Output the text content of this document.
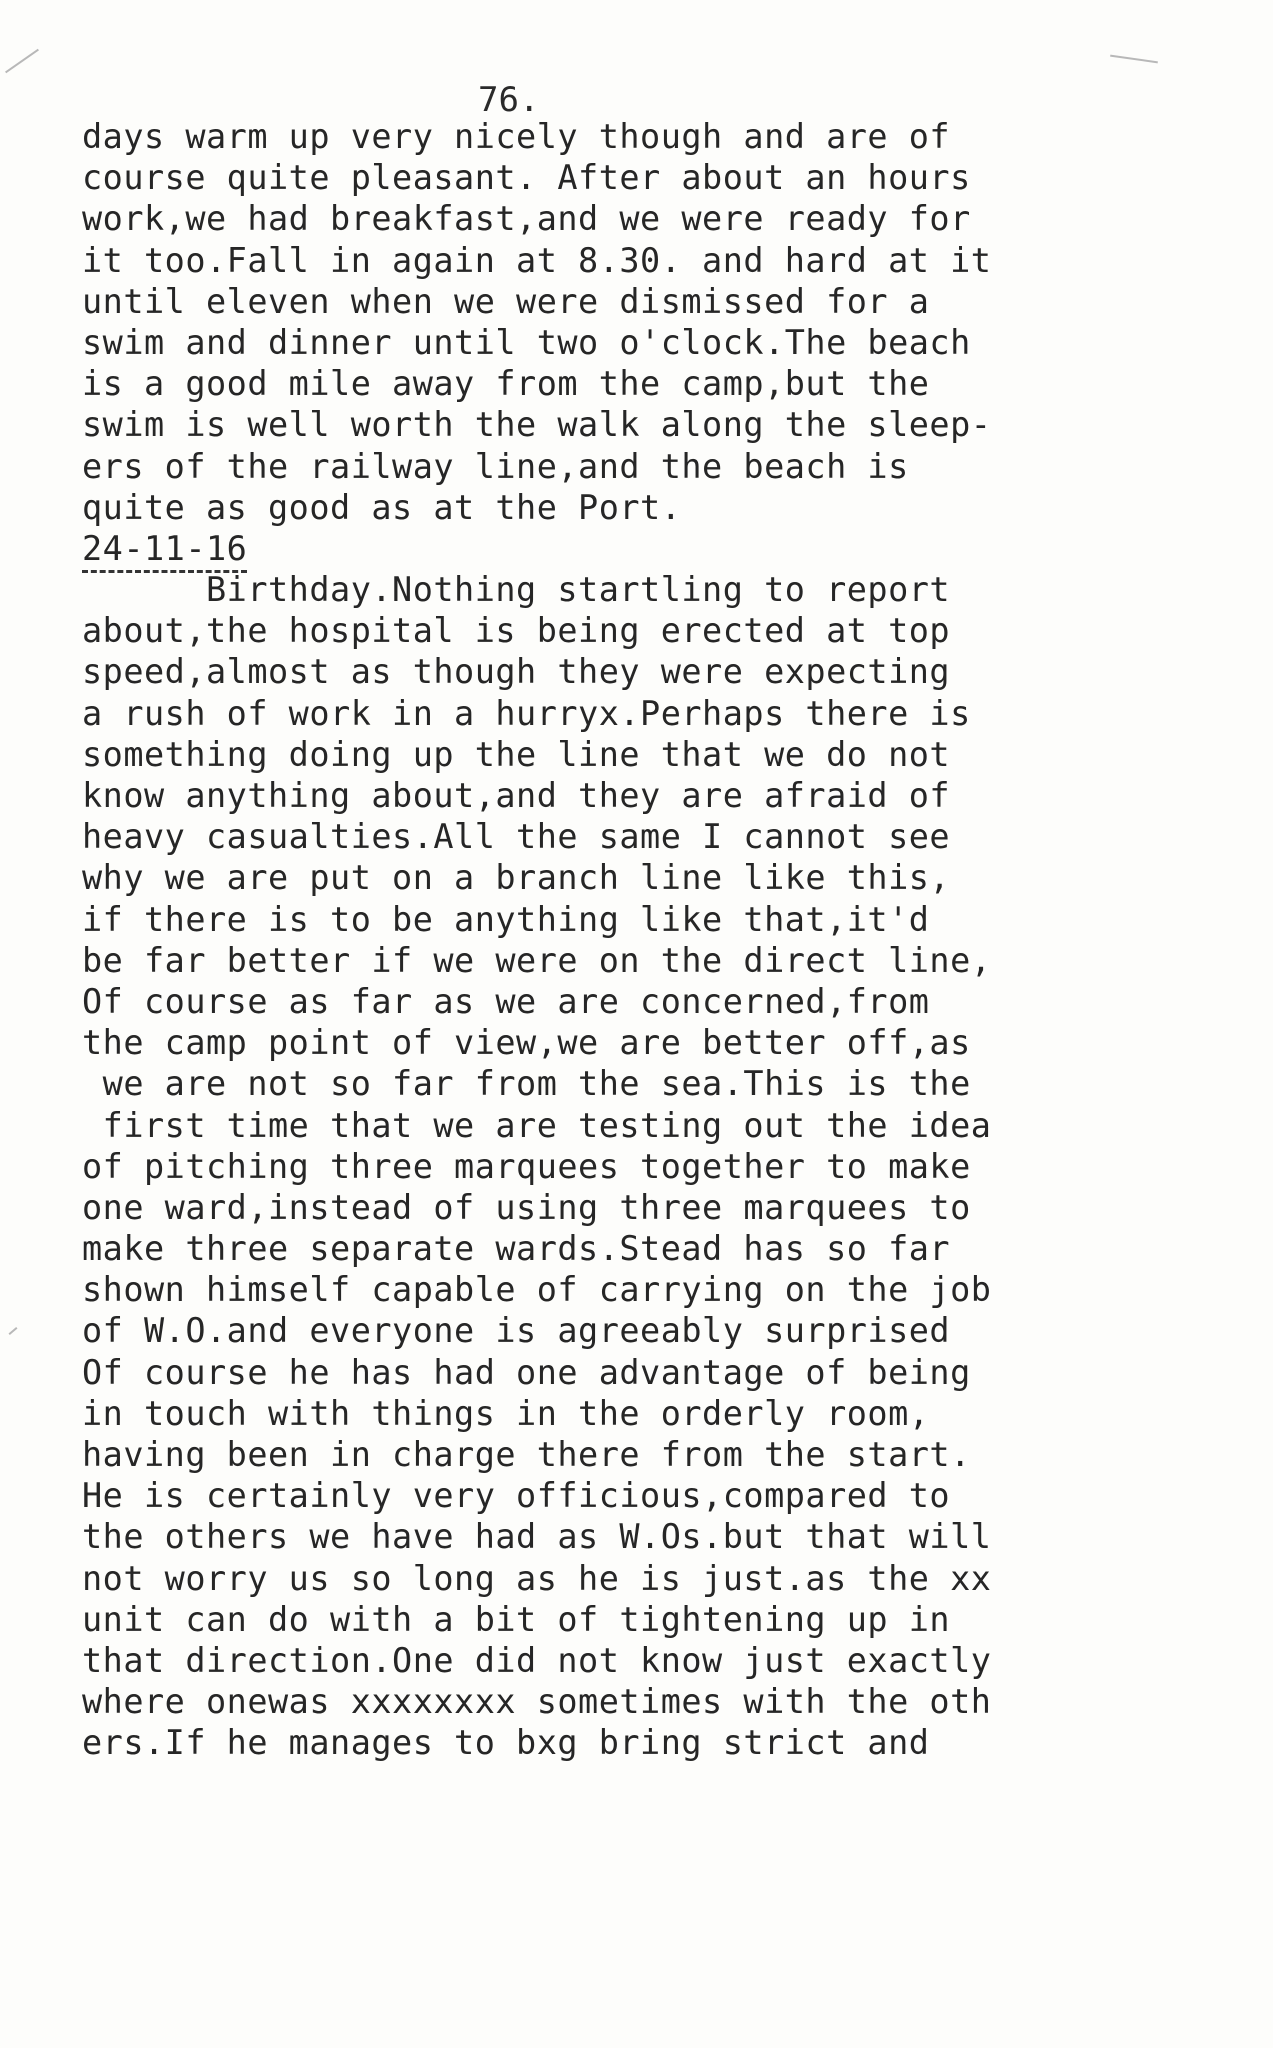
76.

days warm up very nicely though and are of
course quite pleasant. After about an hours
work,we had breakfast,and we were ready for
it too.Fall in again at 8.30. and hard at it
until eleven when we were dismissed for a
swim and dinner until two o'clock.The beach
is a good mile away from the camp,but the
swim is well worth the walk along the sleep-
ers of the railway line,and the beach is
quite as good as at the Port.
24-11-16
Birthday.Nothing startling to report
about,the hospital is being erected at top
speed,almost as though they were expecting
a rush of work in a hurryx.Perhaps there is
something doing up the line that we do not
know anything about,and they are afraid of
heavy casualties.All the same I cannot see
why we are put on a branch line like this,
if there is to be anything like that,it'd
be far better if we were on the direct line,
Of course as far as we are concerned,from
the camp point of view,we are better off,as
we are not so far from the sea.This is the
first time that we are testing out the idea
of pitching three marquees together to make
one ward,instead of using three marquees to
make three separate wards.Stead has so far
shown himself capable of carrying on the job
of W.O.and everyone is agreeably surprised
Of course he has had one advantage of being
in touch with things in the orderly room,
having been in charge there from the start.
He is certainly very officious,compared to
the others we have had as W.Os.but that will
not worry us so long as he is just.as the xx
unit can do with a bit of tightening up in
that direction.One did not know just exactly
where onewas xxxxxxxx sometimes with the oth
ers.If he manages to bxg bring strict and
